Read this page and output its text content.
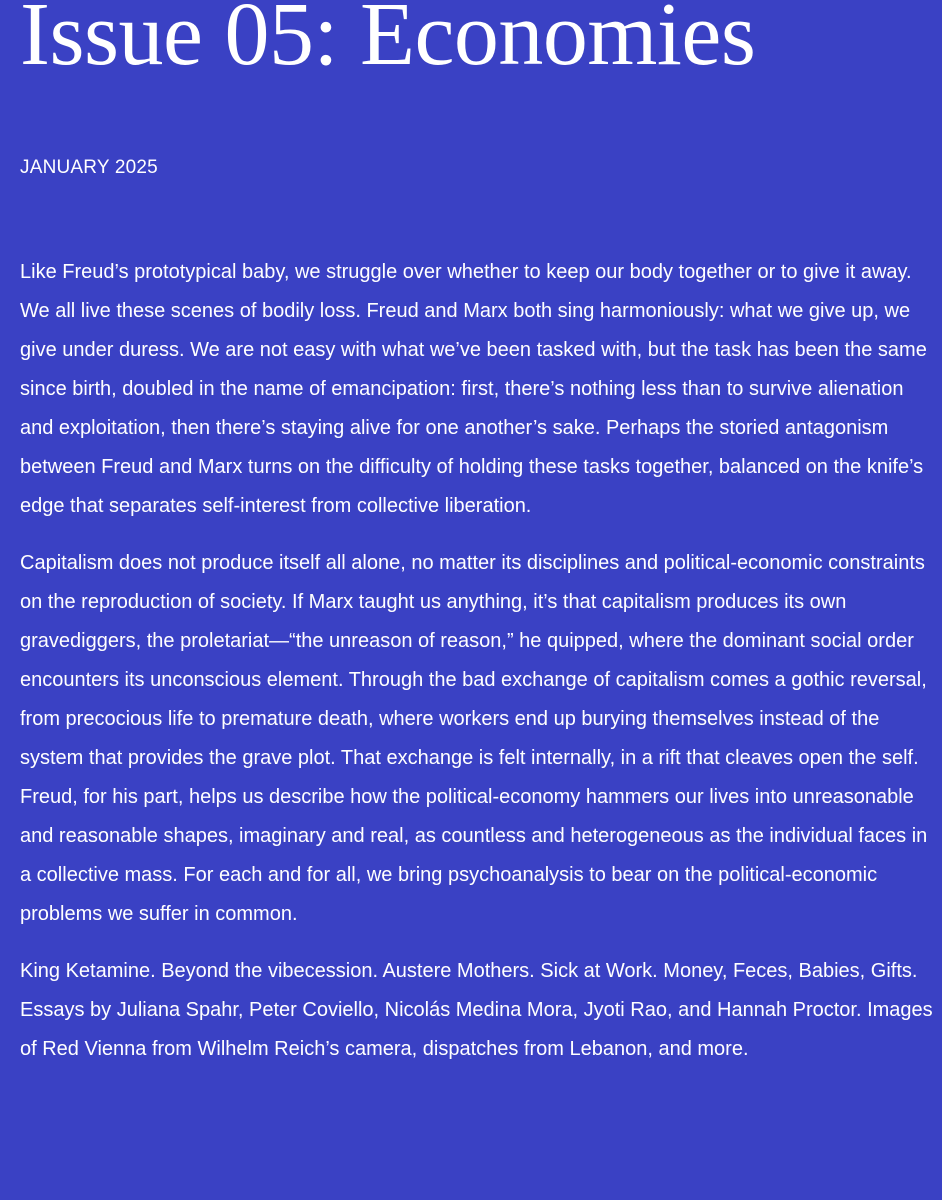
Issue 05: Economies
JANUARY 2025

Like Freud’s prototypical baby, we struggle over whether to keep our body together or to give it away. We all live these scenes of bodily loss. Freud and Marx both sing harmoniously: what we give up, we give under duress. We are not easy with what we’ve been tasked with, but the task has been the same since birth, doubled in the name of emancipation: first, there’s nothing less than to survive alienation and exploitation, then there’s staying alive for one another’s sake. Perhaps the storied antagonism between Freud and Marx turns on the difficulty of holding these tasks together, balanced on the knife’s edge that separates self-interest from collective liberation.

Capitalism does not produce itself all alone, no matter its disciplines and political-economic constraints on the reproduction of society. If Marx taught us anything, it’s that capitalism produces its own gravediggers, the proletariat—“the unreason of reason,” he quipped, where the dominant social order encounters its unconscious element. Through the bad exchange of capitalism comes a gothic reversal, from precocious life to premature death, where workers end up burying themselves instead of the system that provides the grave plot. That exchange is felt internally, in a rift that cleaves open the self. Freud, for his part, helps us describe how the political-economy hammers our lives into unreasonable and reasonable shapes, imaginary and real, as countless and heterogeneous as the individual faces in a collective mass. For each and for all, we bring psychoanalysis to bear on the political-economic problems we suffer in common.

King Ketamine. Beyond the vibecession. Austere Mothers. Sick at Work. Money, Feces, Babies, Gifts. Essays by Juliana Spahr, Peter Coviello, Nicolás Medina Mora, Jyoti Rao, and Hannah Proctor. Images of Red Vienna from Wilhelm Reich’s camera, dispatches from Lebanon, and more.
